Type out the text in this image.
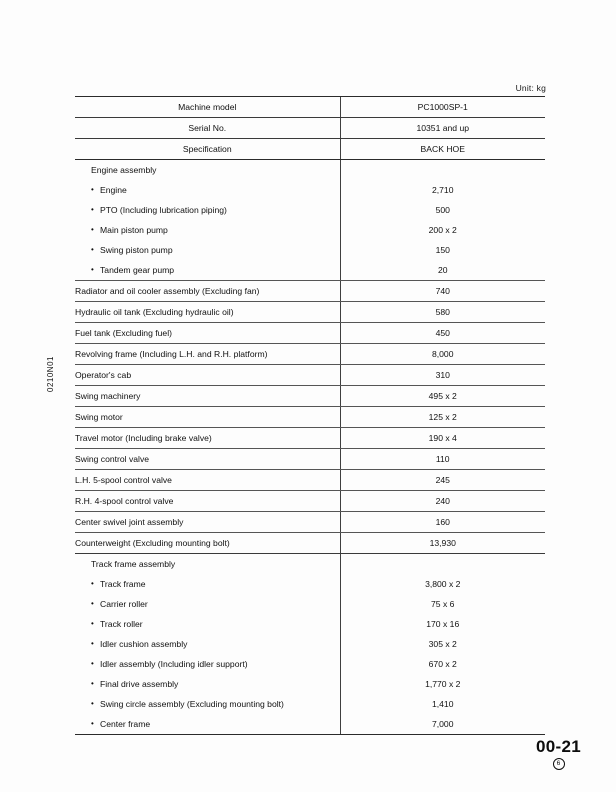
Unit: kg
0210N01
Machine model	PC1000SP-1
Serial No.	10351 and up
Specification	BACK HOE
Engine assembly	

• Engine	2,710

• PTO (Including lubrication piping)	500

• Main piston pump	200 x 2

• Swing piston pump	150

• Tandem gear pump	20
Radiator and oil cooler assembly (Excluding fan)	740
Hydraulic oil tank (Excluding hydraulic oil)	580
Fuel tank (Excluding fuel)	450
Revolving frame (Including L.H. and R.H. platform)	8,000
Operator's cab	310
Swing machinery	495 x 2
Swing motor	125 x 2
Travel motor (Including brake valve)	190 x 4
Swing control valve	110
L.H. 5-spool control valve	245
R.H. 4-spool control valve	240
Center swivel joint assembly	160
Counterweight (Excluding mounting bolt)	13,930
Track frame assembly	

• Track frame	3,800 x 2

• Carrier roller	75 x 6

• Track roller	170 x 16

• Idler cushion assembly	305 x 2

• Idler assembly (Including idler support)	670 x 2

• Final drive assembly	1,770 x 2

• Swing circle assembly (Excluding mounting bolt)	1,410

• Center frame	7,000
00-21
6
